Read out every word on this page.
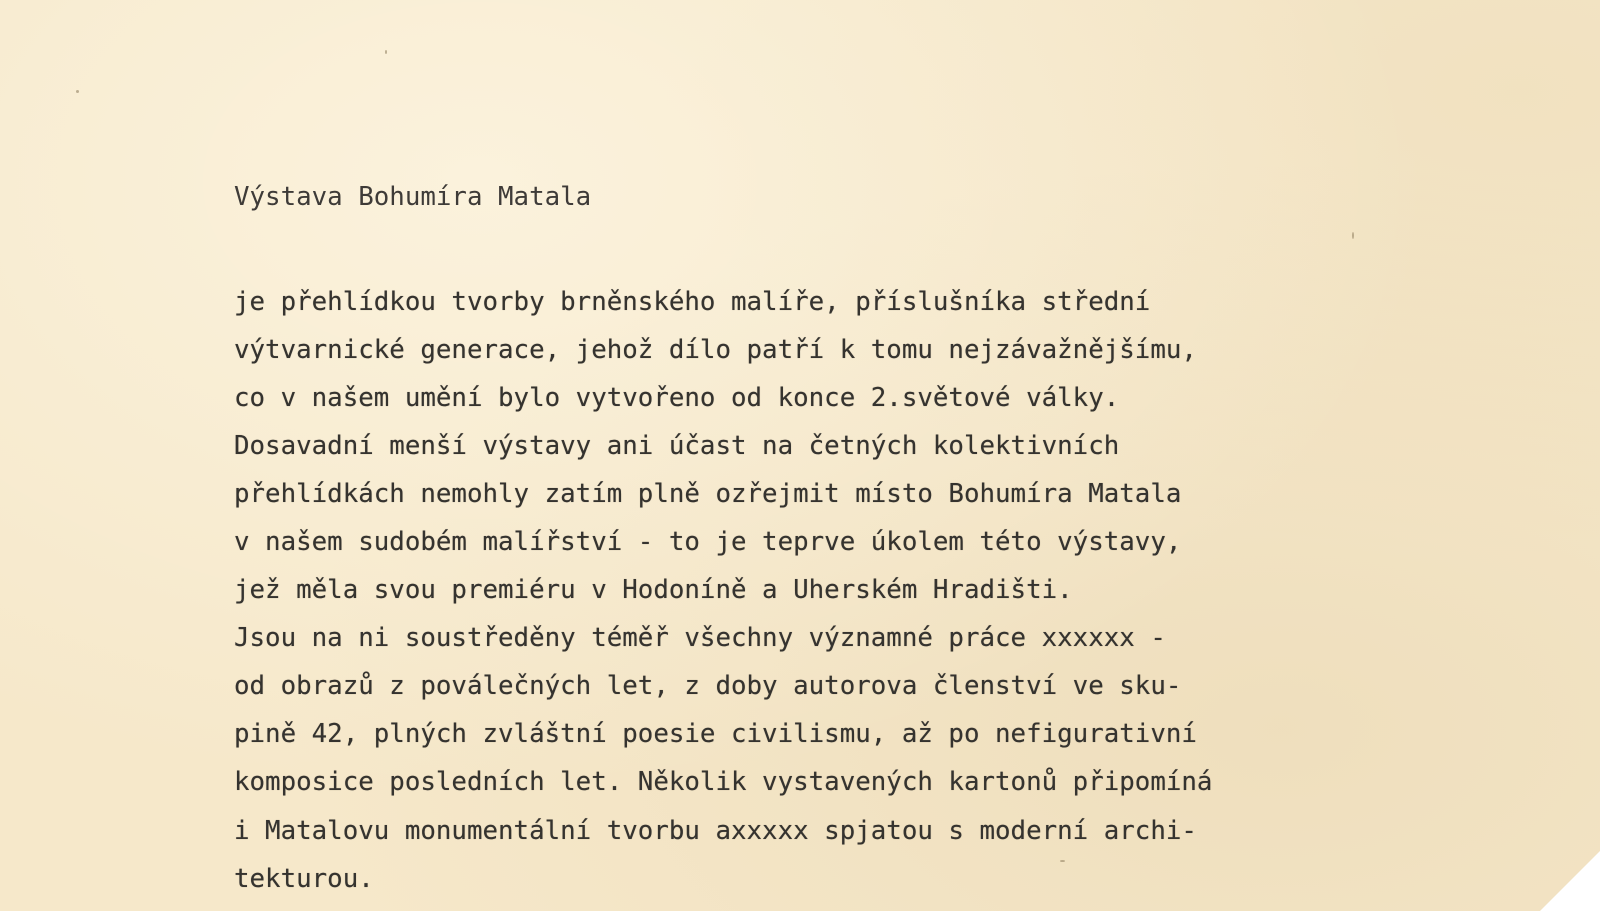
Výstava Bohumíra Matala
je přehlídkou tvorby brněnského malíře, příslušníka střední
výtvarnické generace, jehož dílo patří k tomu nejzávažnějšímu,
co v našem umění bylo vytvořeno od konce 2.světové války.
Dosavadní menší výstavy ani účast na četných kolektivních
přehlídkách nemohly zatím plně ozřejmit místo Bohumíra Matala
v našem sudobém malířství - to je teprve úkolem této výstavy,
jež měla svou premiéru v Hodoníně a Uherském Hradišti.
Jsou na ni soustředěny téměř všechny významné práce xxxxxx -
od obrazů z poválečných let, z doby autorova členství ve sku-
pině 42, plných zvláštní poesie civilismu, až po nefigurativní
komposice posledních let. Několik vystavených kartonů připomíná
i Matalovu monumentální tvorbu axxxxx spjatou s moderní archi-
tekturou.
